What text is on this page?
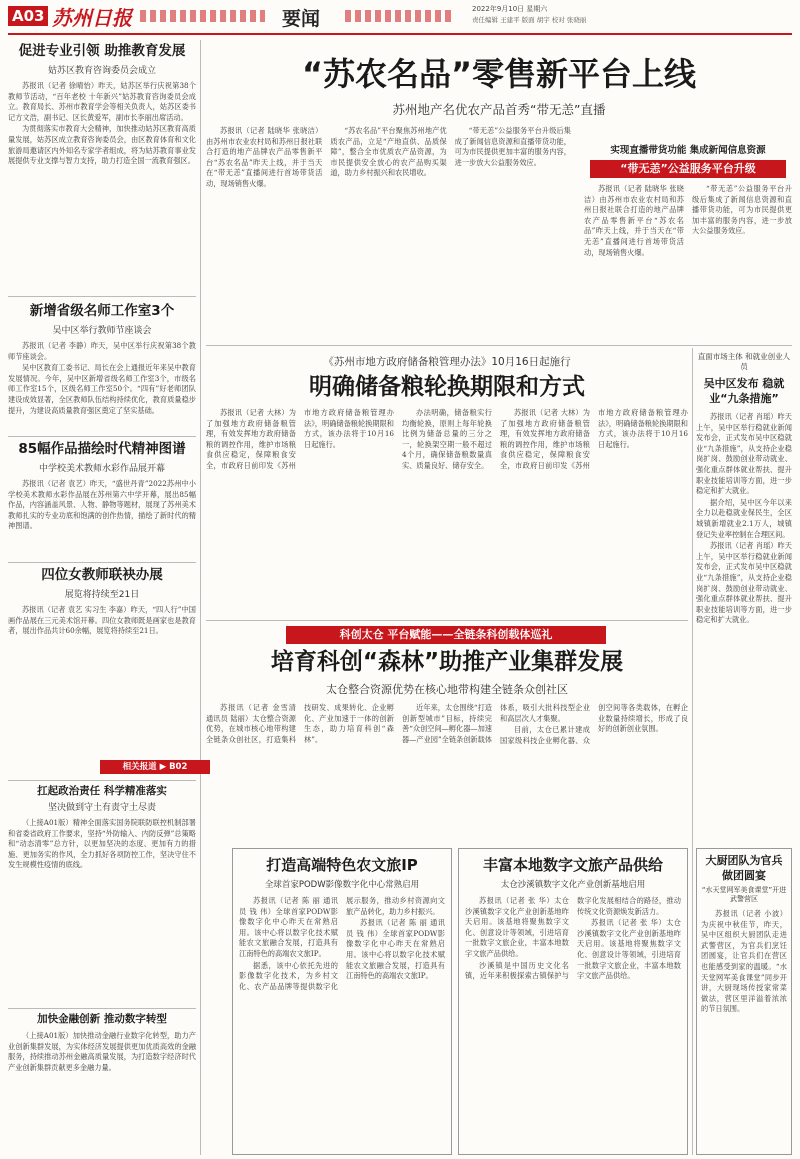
A03 苏州日报	要闻	2022年9月10日 星期六
责任编辑 王建平 版面 胡宇 校对 张晓丽
促进专业引领 助推教育发展
姑苏区教育咨询委员会成立

苏报讯（记者 徐晴怡）昨天，姑苏区举行庆祝第38个教师节活动，“百年老校 十年新兴”姑苏教育咨询委员会成立。教育局长、苏州市教育学会等相关负责人，姑苏区委书记方文浩，副书记、区长黄爱军，副市长李丽出席活动。

为贯彻落实市教育大会精神，加快推动姑苏区教育高质量发展，姑苏区成立教育咨询委员会，由区教育体育和文化旅游局邀请区内外知名专家学者组成，将为姑苏教育事业发展提供专业支撑与智力支持，助力打造全国一流教育强区。

新增省级名师工作室3个
吴中区举行教师节座谈会

苏报讯（记者 李静）昨天，吴中区举行庆祝第38个教师节座谈会。

吴中区教育工委书记、局长在会上通报近年来吴中教育发展情况。今年，吴中区新增省级名师工作室3个，市级名师工作室15个，区级名师工作室50个。“四有”好老师团队建设成效显著，全区教师队伍结构持续优化，教育质量稳步提升，为建设高质量教育强区奠定了坚实基础。

85幅作品描绘时代精神图谱
中学校美术教师水彩作品展开幕

苏报讯（记者 袁艺）昨天，“盛世丹青”2022苏州中小学校美术教师水彩作品展在苏州第六中学开幕，展出85幅作品，内容涵盖风景、人物、静物等题材，展现了苏州美术教师扎实的专业功底和饱满的创作热情，描绘了新时代的精神图谱。

四位女教师联袂办展
展览将持续至21日

苏报讯（记者 袁艺 实习生 李嘉）昨天，“四人行”中国画作品展在三元美术馆开幕。四位女教师既是画家也是教育者，展出作品共计60余幅，展览将持续至21日。

相关报道 ▶ B02
扛起政治责任 科学精准落实
坚决做到守土有责守土尽责

（上接A01版）精神全面落实国务院联防联控机制部署和省委省政府工作要求，坚持“外防输入、内防反弹”总策略和“动态清零”总方针，以更加坚决的态度、更加有力的措施、更加务实的作风，全力抓好各项防控工作，坚决守住不发生规模性疫情的底线。

加快金融创新 推动数字转型

（上接A01版）加快推动金融行业数字化转型，助力产业创新集群发展，为实体经济发展提供更加优质高效的金融服务，持续推动苏州金融高质量发展，为打造数字经济时代产业创新集群贡献更多金融力量。

“苏农名品”零售新平台上线
苏州地产名优农产品首秀“带无恙”直播

苏报讯（记者 陆晓华 张晓洁）由苏州市农业农村局和苏州日报社联合打造的地产品牌农产品零售新平台“苏农名品”昨天上线，并于当天在“带无恙”直播间进行首场带货活动，现场销售火爆。

“苏农名品”平台聚焦苏州地产优质农产品，立足“产地直供、品质保障”，整合全市优质农产品资源，为市民提供安全放心的农产品购买渠道，助力乡村振兴和农民增收。

“带无恙”公益服务平台升级后集成了新闻信息资源和直播带货功能，可为市民提供更加丰富的服务内容，进一步放大公益服务效应。

实现直播带货功能 集成新闻信息资源
“带无恙”公益服务平台升级

苏报讯（记者 陆晓华 张晓洁）由苏州市农业农村局和苏州日报社联合打造的地产品牌农产品零售新平台“苏农名品”昨天上线，并于当天在“带无恙”直播间进行首场带货活动，现场销售火爆。

“带无恙”公益服务平台升级后集成了新闻信息资源和直播带货功能，可为市民提供更加丰富的服务内容，进一步放大公益服务效应。

《苏州市地方政府储备粮管理办法》10月16日起施行
明确储备粮轮换期限和方式

苏报讯（记者 大林）为了加强地方政府储备粮管理，有效发挥地方政府储备粮的调控作用，维护市场粮食供应稳定，保障粮食安全，市政府日前印发《苏州市地方政府储备粮管理办法》，明确储备粮轮换期限和方式，该办法将于10月16日起施行。

办法明确，储备粮实行均衡轮换，原则上每年轮换比例为储备总量的三分之一，轮换架空期一般不超过4个月，确保储备粮数量真实、质量良好、储存安全。

苏报讯（记者 大林）为了加强地方政府储备粮管理，有效发挥地方政府储备粮的调控作用，维护市场粮食供应稳定，保障粮食安全，市政府日前印发《苏州市地方政府储备粮管理办法》，明确储备粮轮换期限和方式，该办法将于10月16日起施行。

直面市场主体 和就业创业人员
吴中区发布 稳就业“九条措施”

苏报讯（记者 肖瑶）昨天上午，吴中区举行稳就业新闻发布会，正式发布吴中区稳就业“九条措施”，从支持企业稳岗扩岗、鼓励创业带动就业、强化重点群体就业帮扶、提升职业技能培训等方面，进一步稳定和扩大就业。

据介绍，吴中区今年以来全力以赴稳就业保民生，全区城镇新增就业2.1万人，城镇登记失业率控制在合理区间。

苏报讯（记者 肖瑶）昨天上午，吴中区举行稳就业新闻发布会，正式发布吴中区稳就业“九条措施”，从支持企业稳岗扩岗、鼓励创业带动就业、强化重点群体就业帮扶、提升职业技能培训等方面，进一步稳定和扩大就业。

科创太仓 平台赋能——全链条科创载体巡礼
培育科创“森林”助推产业集群发展
太仓整合资源优势在核心地带构建全链条众创社区

苏报讯（记者 金雪清 通讯员 陆丽）太仓整合资源优势，在城市核心地带构建全链条众创社区，打造集科技研发、成果转化、企业孵化、产业加速于一体的创新生态，助力培育科创“森林”。

近年来，太仓围绕“打造创新型城市”目标，持续完善“众创空间—孵化器—加速器—产业园”全链条创新载体体系，吸引大批科技型企业和高层次人才集聚。

目前，太仓已累计建成国家级科技企业孵化器、众创空间等各类载体，在孵企业数量持续增长，形成了良好的创新创业氛围。

打造高端特色农文旅IP
全球首家PODW影像数字化中心常熟启用

苏报讯（记者 陈 丽 通讯员 钱 伟）全球首家PODW影像数字化中心昨天在常熟启用。该中心将以数字化技术赋能农文旅融合发展，打造具有江南特色的高端农文旅IP。

据悉，该中心依托先进的影像数字化技术，为乡村文化、农产品品牌等提供数字化展示服务，推动乡村资源向文旅产品转化，助力乡村振兴。

苏报讯（记者 陈 丽 通讯员 钱 伟）全球首家PODW影像数字化中心昨天在常熟启用。该中心将以数字化技术赋能农文旅融合发展，打造具有江南特色的高端农文旅IP。

丰富本地数字文旅产品供给
太仓沙溪镇数字文化产业创新基地启用

苏报讯（记者 张 华）太仓沙溪镇数字文化产业创新基地昨天启用。该基地将聚焦数字文化、创意设计等领域，引进培育一批数字文旅企业，丰富本地数字文旅产品供给。

沙溪镇是中国历史文化名镇，近年来积极探索古镇保护与数字化发展相结合的路径，推动传统文化资源焕发新活力。

苏报讯（记者 张 华）太仓沙溪镇数字文化产业创新基地昨天启用。该基地将聚焦数字文化、创意设计等领域，引进培育一批数字文旅企业，丰富本地数字文旅产品供给。

大厨团队为官兵 做团圆宴
“水天堂网军美食课堂”开进武警营区

苏报讯（记者 小波）为庆祝中秋佳节，昨天，吴中区组织大厨团队走进武警营区，为官兵们烹饪团圆宴，让官兵们在营区也能感受到家的温暖。“水天堂网军美食课堂”同步开讲，大厨现场传授家常菜做法，营区里洋溢着浓浓的节日氛围。
